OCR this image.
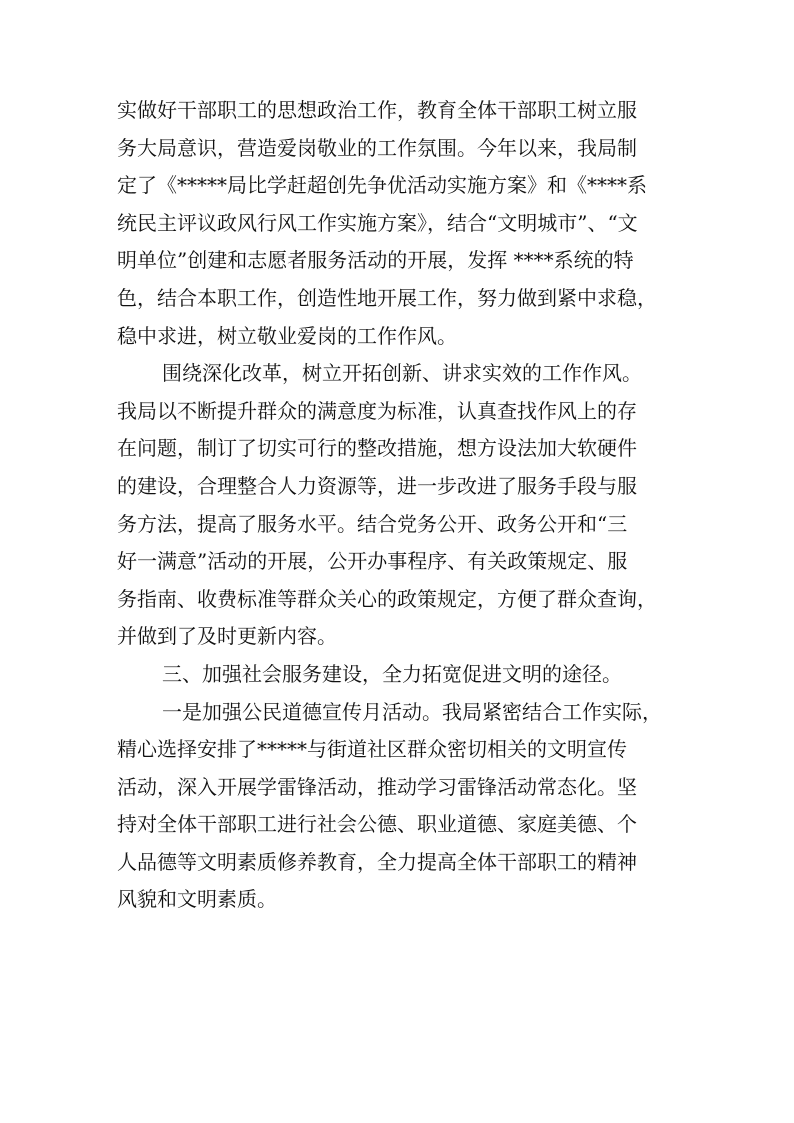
实做好干部职工的思想政治工作，教育全体干部职工树立服
务大局意识，营造爱岗敬业的工作氛围。今年以来，我局制
定了《*****局比学赶超创先争优活动实施方案》和《****系
统民主评议政风行风工作实施方案》，结合“文明城市”、“文
明单位”创建和志愿者服务活动的开展，发挥 ****系统的特
色，结合本职工作，创造性地开展工作，努力做到紧中求稳，
稳中求进，树立敬业爱岗的工作作风。
围绕深化改革，树立开拓创新、讲求实效的工作作风。
我局以不断提升群众的满意度为标准，认真查找作风上的存
在问题，制订了切实可行的整改措施，想方设法加大软硬件
的建设，合理整合人力资源等，进一步改进了服务手段与服
务方法，提高了服务水平。结合党务公开、政务公开和“三
好一满意”活动的开展，公开办事程序、有关政策规定、服
务指南、收费标准等群众关心的政策规定，方便了群众查询，
并做到了及时更新内容。
三、加强社会服务建设，全力拓宽促进文明的途径。
一是加强公民道德宣传月活动。我局紧密结合工作实际，
精心选择安排了*****与街道社区群众密切相关的文明宣传
活动，深入开展学雷锋活动，推动学习雷锋活动常态化。坚
持对全体干部职工进行社会公德、职业道德、家庭美德、个
人品德等文明素质修养教育，全力提高全体干部职工的精神
风貌和文明素质。
